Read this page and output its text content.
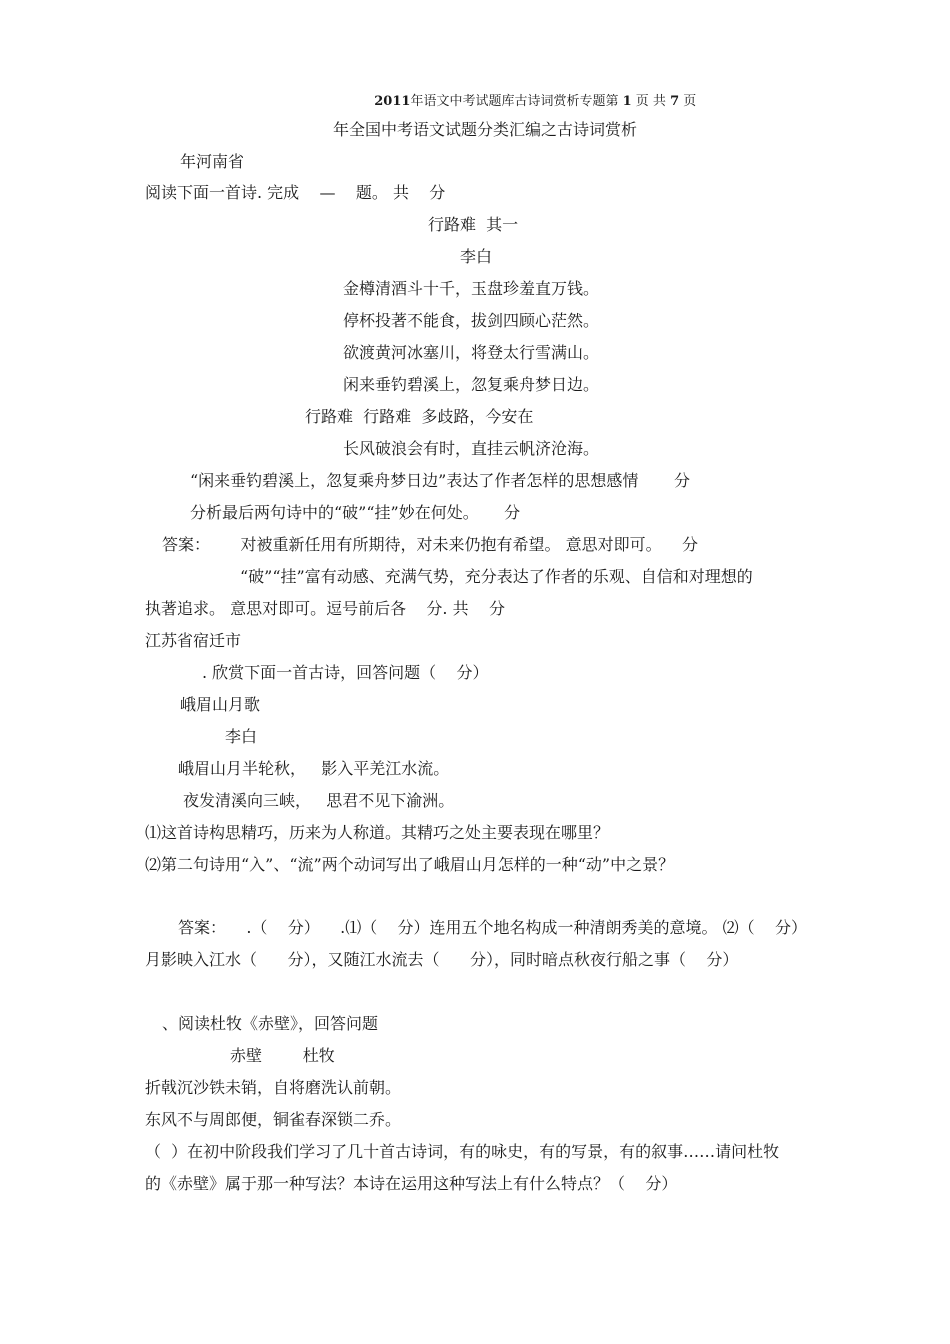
2011年语文中考试题库古诗词赏析专题第 1 页 共 7 页

年全国中考语文试题分类汇编之古诗词赏析
年河南省
阅读下面一首诗. 完成    —    题。 共    分
行路难  其一
李白
金樽清酒斗十千，玉盘珍羞直万钱。
停杯投著不能食，拔剑四顾心茫然。
欲渡黄河冰塞川，将登太行雪满山。
闲来垂钓碧溪上，忽复乘舟梦日边。
行路难  行路难  多歧路，今安在
长风破浪会有时，直挂云帆济沧海。
“闲来垂钓碧溪上，忽复乘舟梦日边”表达了作者怎样的思想感情       分
分析最后两句诗中的“破”“挂”妙在何处。     分
答案：      对被重新任用有所期待，对未来仍抱有希望。 意思对即可。    分
“破”“挂”富有动感、充满气势，充分表达了作者的乐观、自信和对理想的
执著追求。 意思对即可。逗号前后各    分. 共    分
江苏省宿迁市
. 欣赏下面一首古诗，回答问题（    分）
峨眉山月歌
李白
峨眉山月半轮秋，   影入平羌江水流。
夜发清溪向三峡，   思君不见下渝洲。
⑴这首诗构思精巧，历来为人称道。其精巧之处主要表现在哪里？
⑵第二句诗用“入”、“流”两个动词写出了峨眉山月怎样的一种“动”中之景？
答案：    .（    分）    .⑴（    分）连用五个地名构成一种清朗秀美的意境。 ⑵（    分）
月影映入江水（      分），又随江水流去（      分），同时暗点秋夜行船之事（    分）
、阅读杜牧《赤壁》，回答问题
赤壁        杜牧
折戟沉沙铁未销，自将磨洗认前朝。
东风不与周郎便，铜雀春深锁二乔。
（  ）在初中阶段我们学习了几十首古诗词，有的咏史，有的写景，有的叙事……请问杜牧
的《赤壁》属于那一种写法？本诗在运用这种写法上有什么特点？（    分）
